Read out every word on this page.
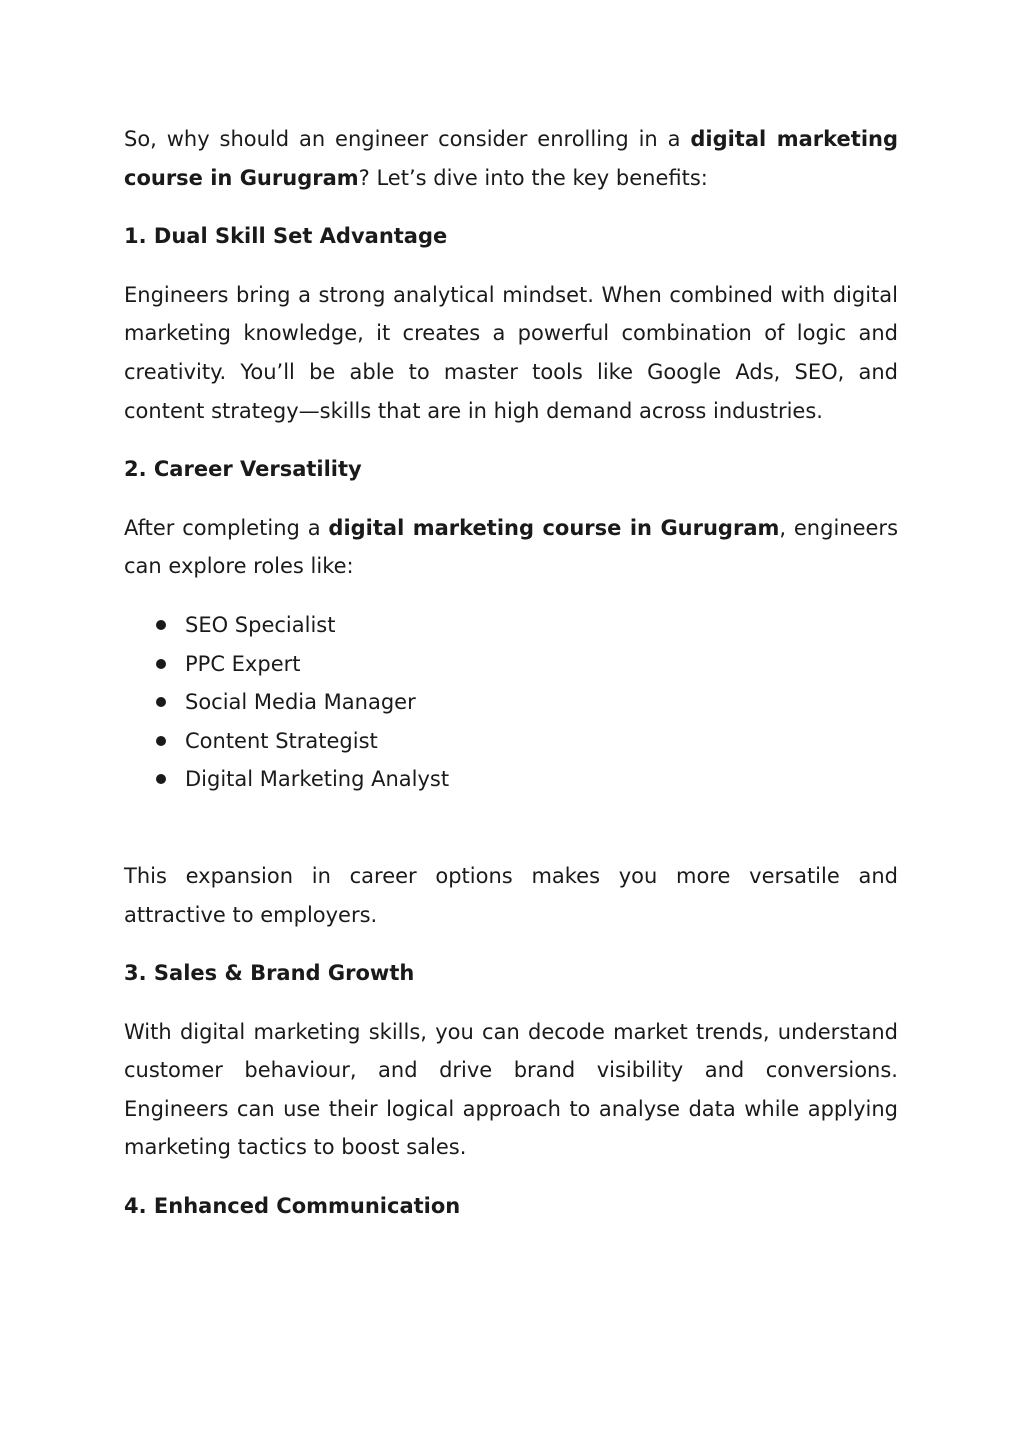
So, why should an engineer consider enrolling in a digital marketing
course in Gurugram? Let’s dive into the key benefits:

1. Dual Skill Set Advantage

Engineers bring a strong analytical mindset. When combined with digital marketing knowledge, it creates a powerful combination of logic and creativity. You’ll be able to master tools like Google Ads, SEO, and content strategy—skills that are in high demand across industries.

2. Career Versatility

After completing a digital marketing course in Gurugram, engineers can explore roles like:

SEO Specialist
PPC Expert
Social Media Manager
Content Strategist
Digital Marketing Analyst

This expansion in career options makes you more versatile and attractive to employers.

3. Sales & Brand Growth

With digital marketing skills, you can decode market trends, understand customer behaviour, and drive brand visibility and conversions. Engineers can use their logical approach to analyse data while applying marketing tactics to boost sales.

4. Enhanced Communication
